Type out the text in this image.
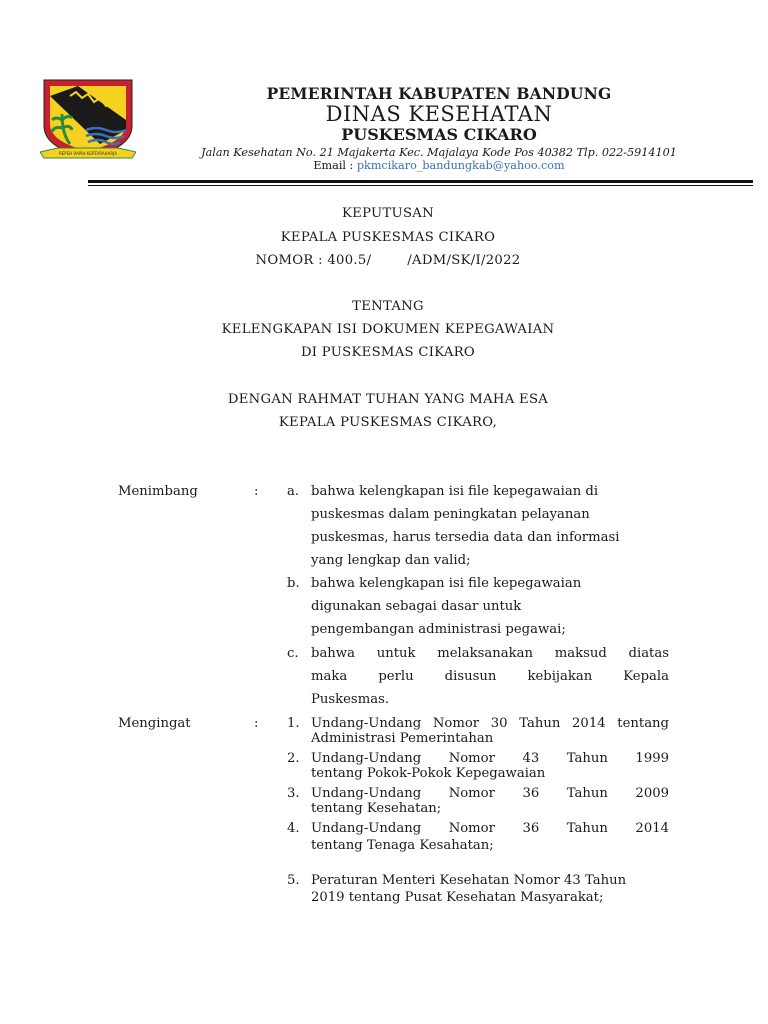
REPEH RAPIH KERTARAHARJA
PEMERINTAH KABUPATEN BANDUNG
DINAS KESEHATAN
PUSKESMAS CIKARO
Jalan Kesehatan No. 21 Majakerta Kec. Majalaya Kode Pos 40382 Tlp. 022-5914101
Email : pkmcikaro_bandungkab@yahoo.com
KEPUTUSAN
KEPALA PUSKESMAS CIKARO
NOMOR : 400.5/        /ADM/SK/I/2022
TENTANG
KELENGKAPAN ISI DOKUMEN KEPEGAWAIAN
DI PUSKESMAS CIKARO
DENGAN RAHMAT TUHAN YANG MAHA ESA
KEPALA PUSKESMAS CIKARO,
Menimbang	: a. bahwa kelengkapan isi file kepegawaian di
puskesmas dalam peningkatan pelayanan
puskesmas, harus tersedia data dan informasi
yang lengkap dan valid;
b. bahwa kelengkapan isi file kepegawaian
digunakan sebagai dasar untuk
pengembangan administrasi pegawai;
c. bahwa untuk melaksanakan maksud diatas
maka perlu disusun kebijakan Kepala
Puskesmas.
Mengingat	: 1. Undang-Undang Nomor 30 Tahun 2014 tentang
Administrasi Pemerintahan
2. Undang-Undang Nomor 43 Tahun 1999
tentang Pokok-Pokok Kepegawaian
3. Undang-Undang Nomor 36 Tahun 2009
tentang Kesehatan;
4. Undang-Undang Nomor 36 Tahun 2014
tentang Tenaga Kesahatan;
5. Peraturan Menteri Kesehatan Nomor 43 Tahun
2019 tentang Pusat Kesehatan Masyarakat;
